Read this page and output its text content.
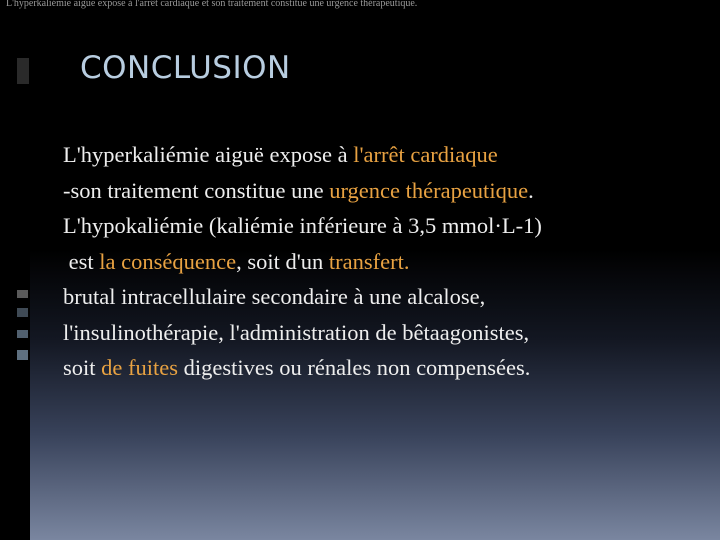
L'hyperkaliémie aiguë expose à l'arrêt cardiaque et son traitement constitue une urgence thérapeutique.
CONCLUSION
L'hyperkaliémie aiguë expose à l'arrêt cardiaque
-son traitement constitue une urgence thérapeutique.
L'hypokaliémie (kaliémie inférieure à 3,5 mmol·L-1)
est la conséquence, soit d'un transfert.
brutal intracellulaire secondaire à une alcalose,
l'insulinothérapie, l'administration de bêtaagonistes,
soit de fuites digestives ou rénales non compensées.
